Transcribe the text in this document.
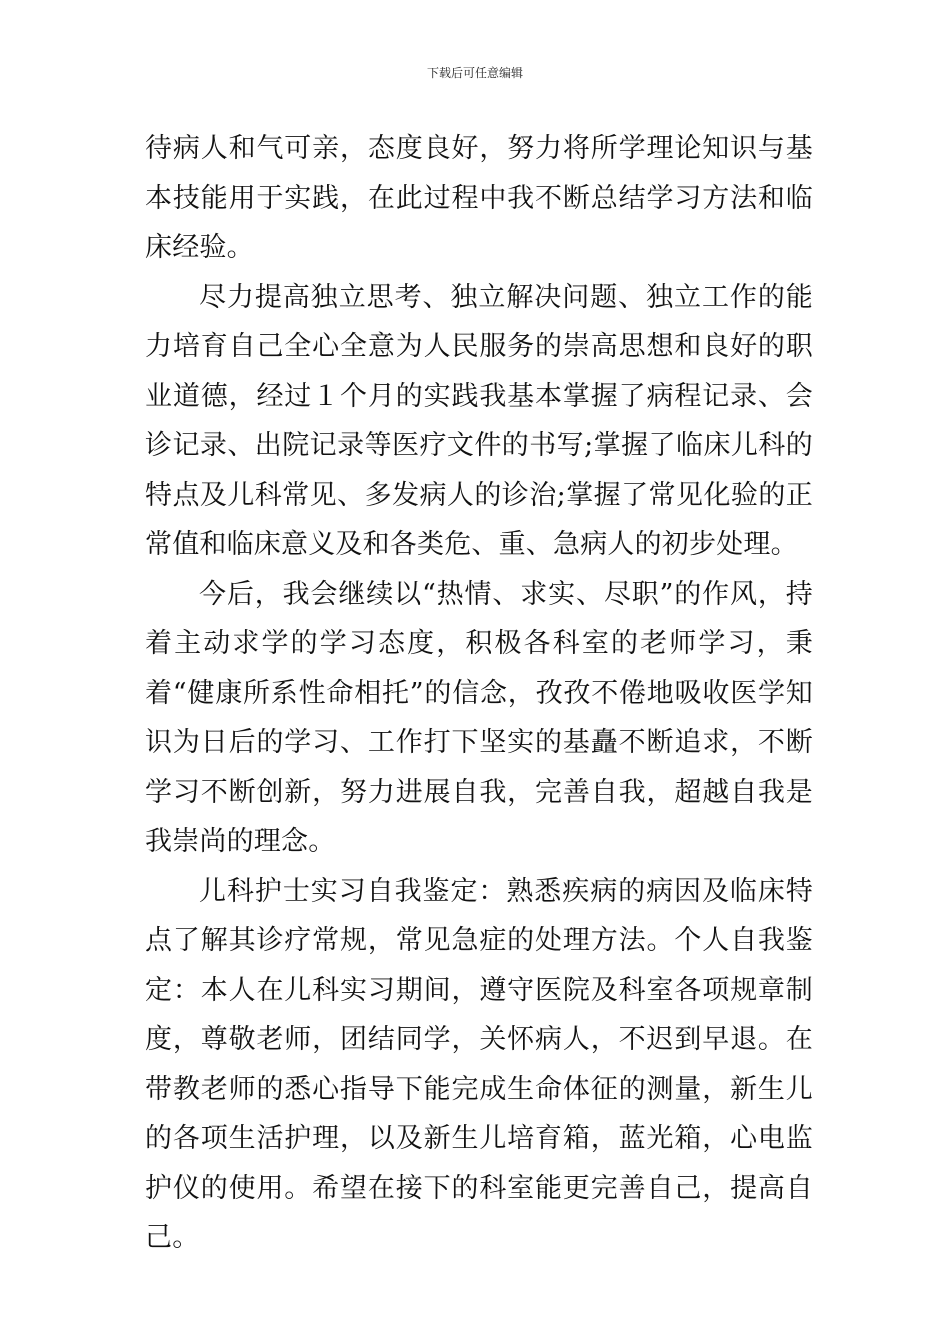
下载后可任意编辑

待病人和气可亲，态度良好，努力将所学理论知识与基本技能用于实践，在此过程中我不断总结学习方法和临床经验。

尽力提高独立思考、独立解决问题、独立工作的能力培育自己全心全意为人民服务的崇高思想和良好的职业道德，经过１个月的实践我基本掌握了病程记录、会诊记录、出院记录等医疗文件的书写;掌握了临床儿科的特点及儿科常见、多发病人的诊治;掌握了常见化验的正常值和临床意义及和各类危、重、急病人的初步处理。

今后，我会继续以“热情、求实、尽职”的作风，持着主动求学的学习态度，积极各科室的老师学习，秉着“健康所系性命相托”的信念，孜孜不倦地吸收医学知识为日后的学习、工作打下坚实的基矗不断追求，不断学习不断创新，努力进展自我，完善自我，超越自我是我崇尚的理念。

儿科护士实习自我鉴定：熟悉疾病的病因及临床特点了解其诊疗常规，常见急症的处理方法。个人自我鉴定：本人在儿科实习期间，遵守医院及科室各项规章制度，尊敬老师，团结同学，关怀病人，不迟到早退。在带教老师的悉心指导下能完成生命体征的测量，新生儿的各项生活护理，以及新生儿培育箱，蓝光箱，心电监护仪的使用。希望在接下的科室能更完善自己，提高自己。
